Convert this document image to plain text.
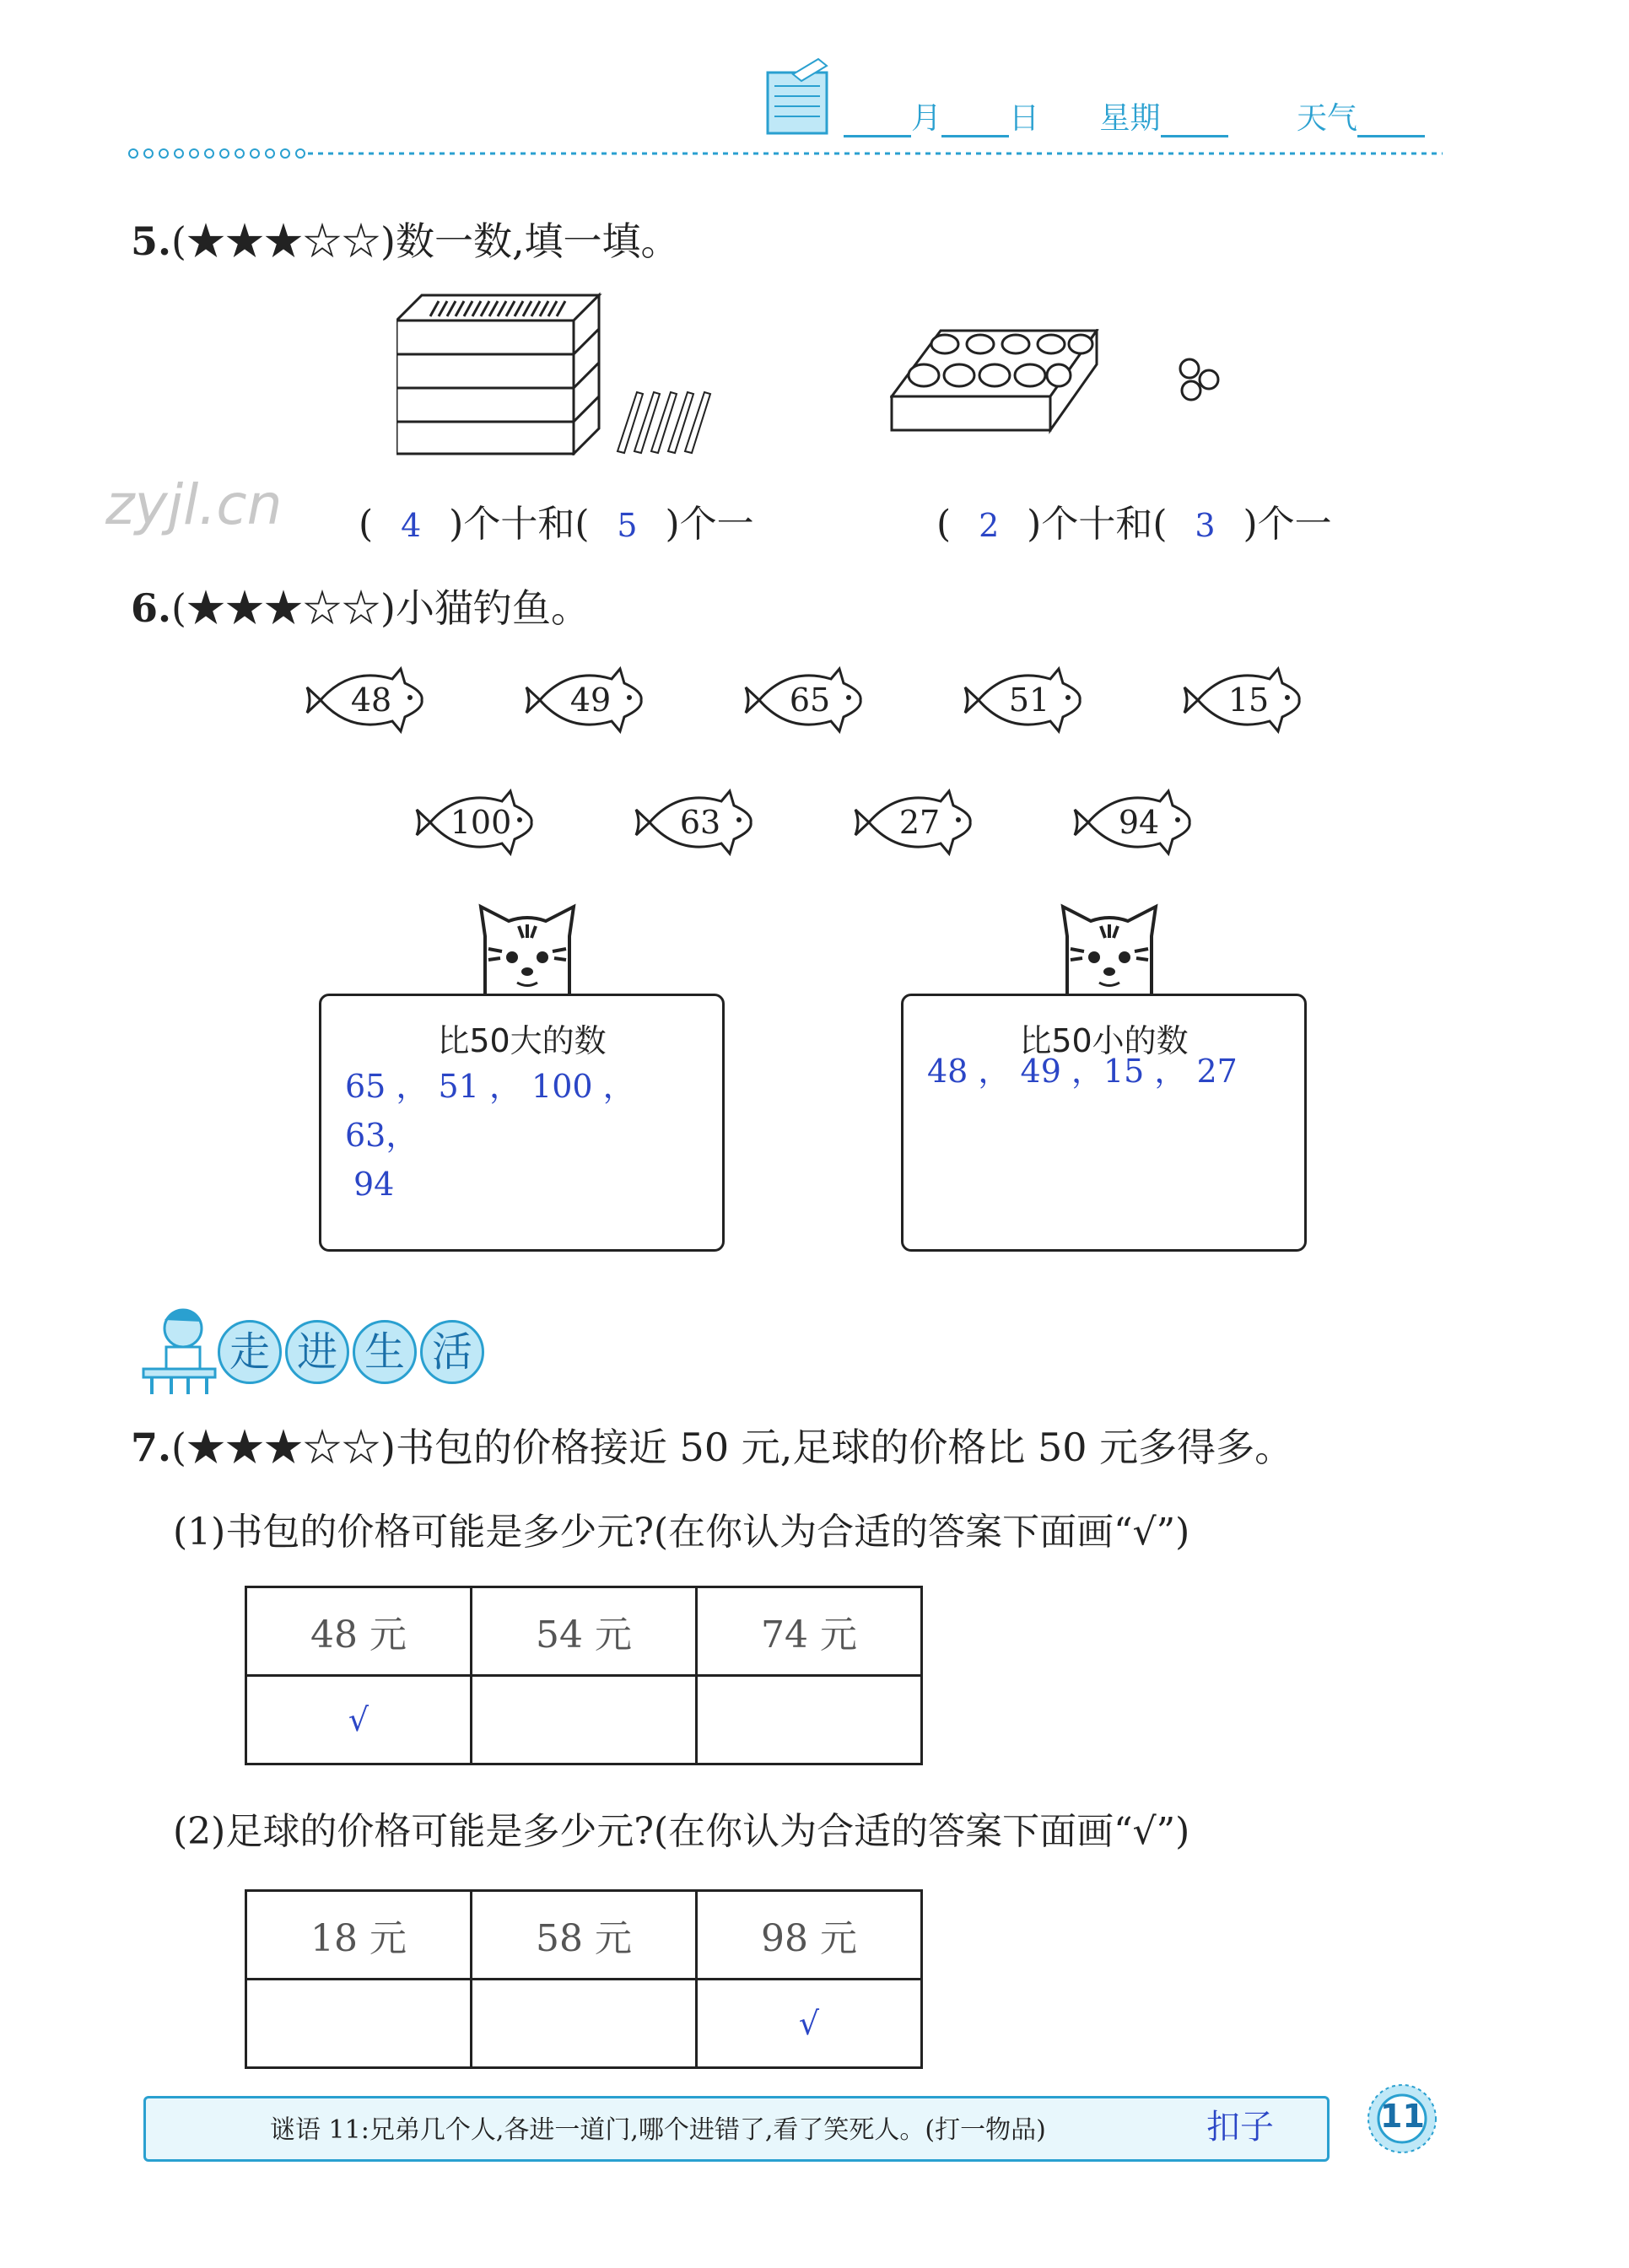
月 日 星期	天气
5.(★★★☆☆)数一数,填一填。
zyjl.cn ( 4 )个十和( 5 )个一	( 2 )个十和( 3 )个一
6.(★★★☆☆)小猫钓鱼。
48	49	65	51	15
100	63	27	94
比50大的数
65 ， 51 ， 100 ，63，
94
比50小的数
48 ， 49 ，15 ， 27
走 进 生 活
7.(★★★☆☆)书包的价格接近 50 元,足球的价格比 50 元多得多。
(1)书包的价格可能是多少元?(在你认为合适的答案下面画“√”)
48 元	54 元	74 元
√		
(2)足球的价格可能是多少元?(在你认为合适的答案下面画“√”)
18 元	58 元	98 元
		√
谜语 11:兄弟几个人,各进一道门,哪个进错了,看了笑死人。(打一物品)	扣子	11
